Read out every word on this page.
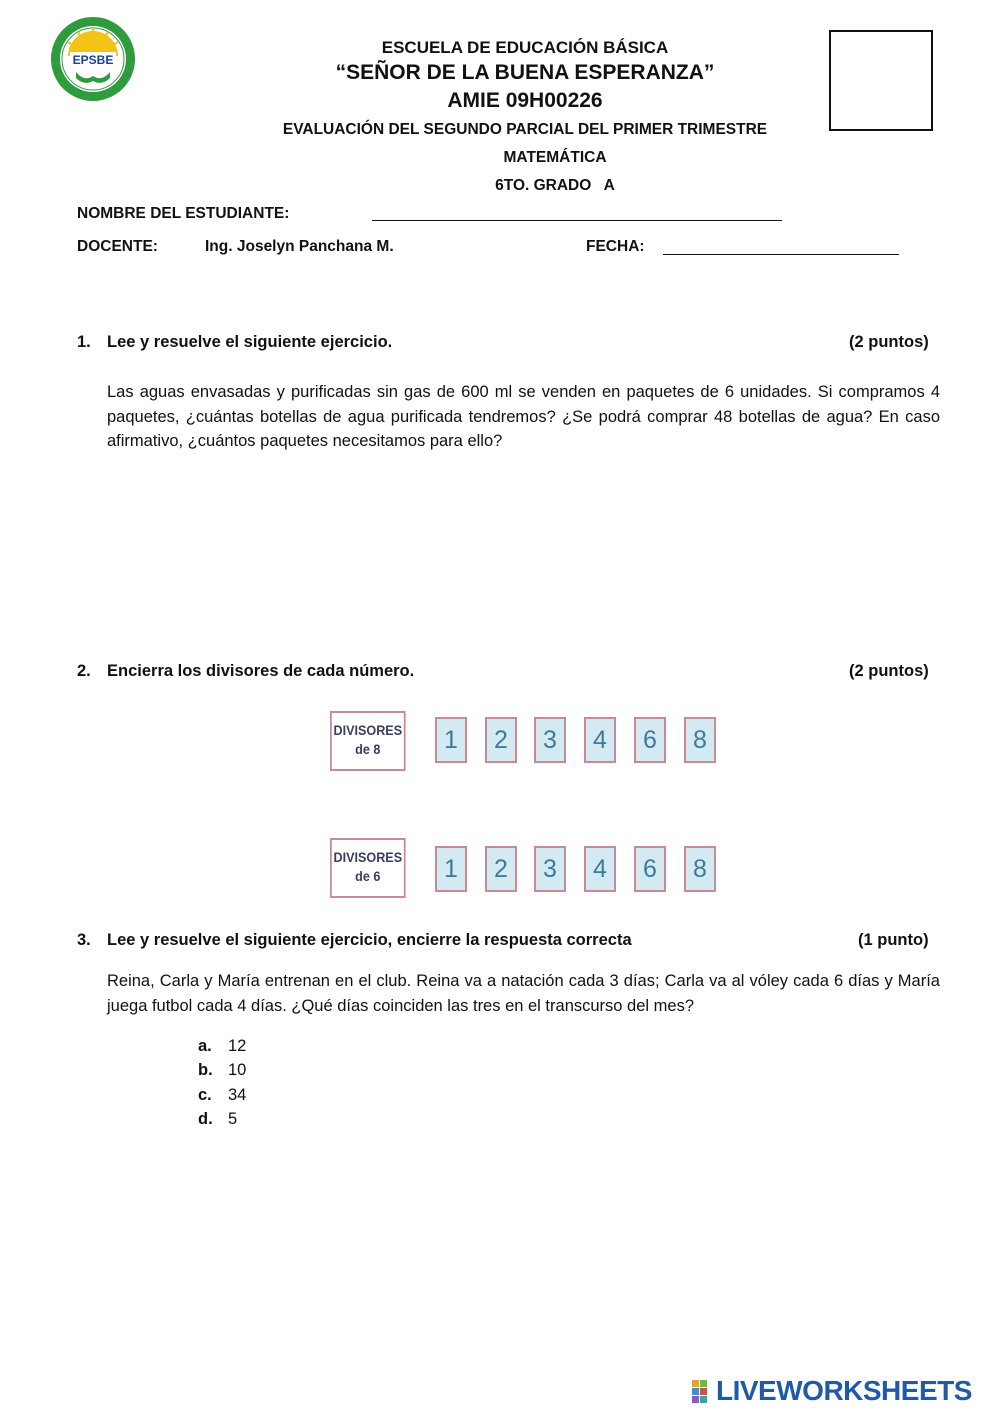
EPSBE
ESCUELA DE EDUCACIÓN BÁSICA
“SEÑOR DE LA BUENA ESPERANZA”
AMIE 09H00226
EVALUACIÓN DEL SEGUNDO PARCIAL DEL PRIMER TRIMESTRE
MATEMÁTICA
6TO. GRADO   A
NOMBRE DEL ESTUDIANTE:
DOCENTE:	Ing. Joselyn Panchana M.	FECHA:
1. Lee y resuelve el siguiente ejercicio.	(2 puntos)
Las aguas envasadas y purificadas sin gas de 600 ml se venden en paquetes de 6 unidades. Si compramos 4 paquetes, ¿cuántas botellas de agua purificada tendremos? ¿Se podrá comprar 48 botellas de agua? En caso afirmativo, ¿cuántos paquetes necesitamos para ello?
2. Encierra los divisores de cada número.	(2 puntos)
DIVISORES
de 8	1	2	3	4	6	8
DIVISORES
de 6	1	2	3	4	6	8
3. Lee y resuelve el siguiente ejercicio, encierre la respuesta correcta	(1 punto)
Reina, Carla y María entrenan en el club. Reina va a natación cada 3 días; Carla va al vóley cada 6 días y María juega futbol cada 4 días. ¿Qué días coinciden las tres en el transcurso del mes?
a. 12
b. 10
c. 34
d. 5
LIVEWORKSHEETS
